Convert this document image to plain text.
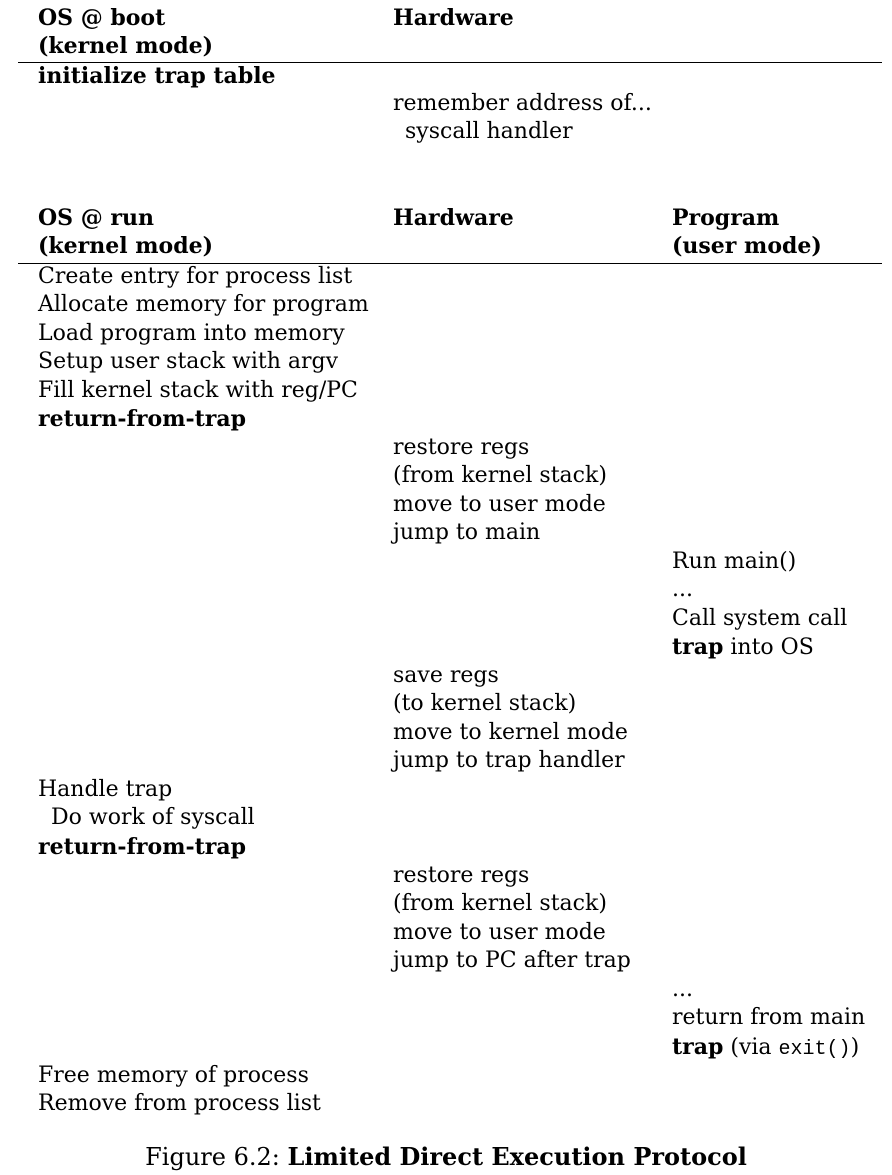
OS @ boot
(kernel mode)
Hardware
initialize trap table
remember address of...
syscall handler
OS @ run
(kernel mode)
Hardware	Program
(user mode)
Create entry for process list
Allocate memory for program
Load program into memory
Setup user stack with argv
Fill kernel stack with reg/PC
return-from-trap
restore regs
(from kernel stack)
move to user mode
jump to main
Run main()
...
Call system call
trap into OS
save regs
(to kernel stack)
move to kernel mode
jump to trap handler
Handle trap
Do work of syscall
return-from-trap
restore regs
(from kernel stack)
move to user mode
jump to PC after trap
...
return from main
trap (via exit())
Free memory of process
Remove from process list
Figure 6.2: Limited Direct Execution Protocol
